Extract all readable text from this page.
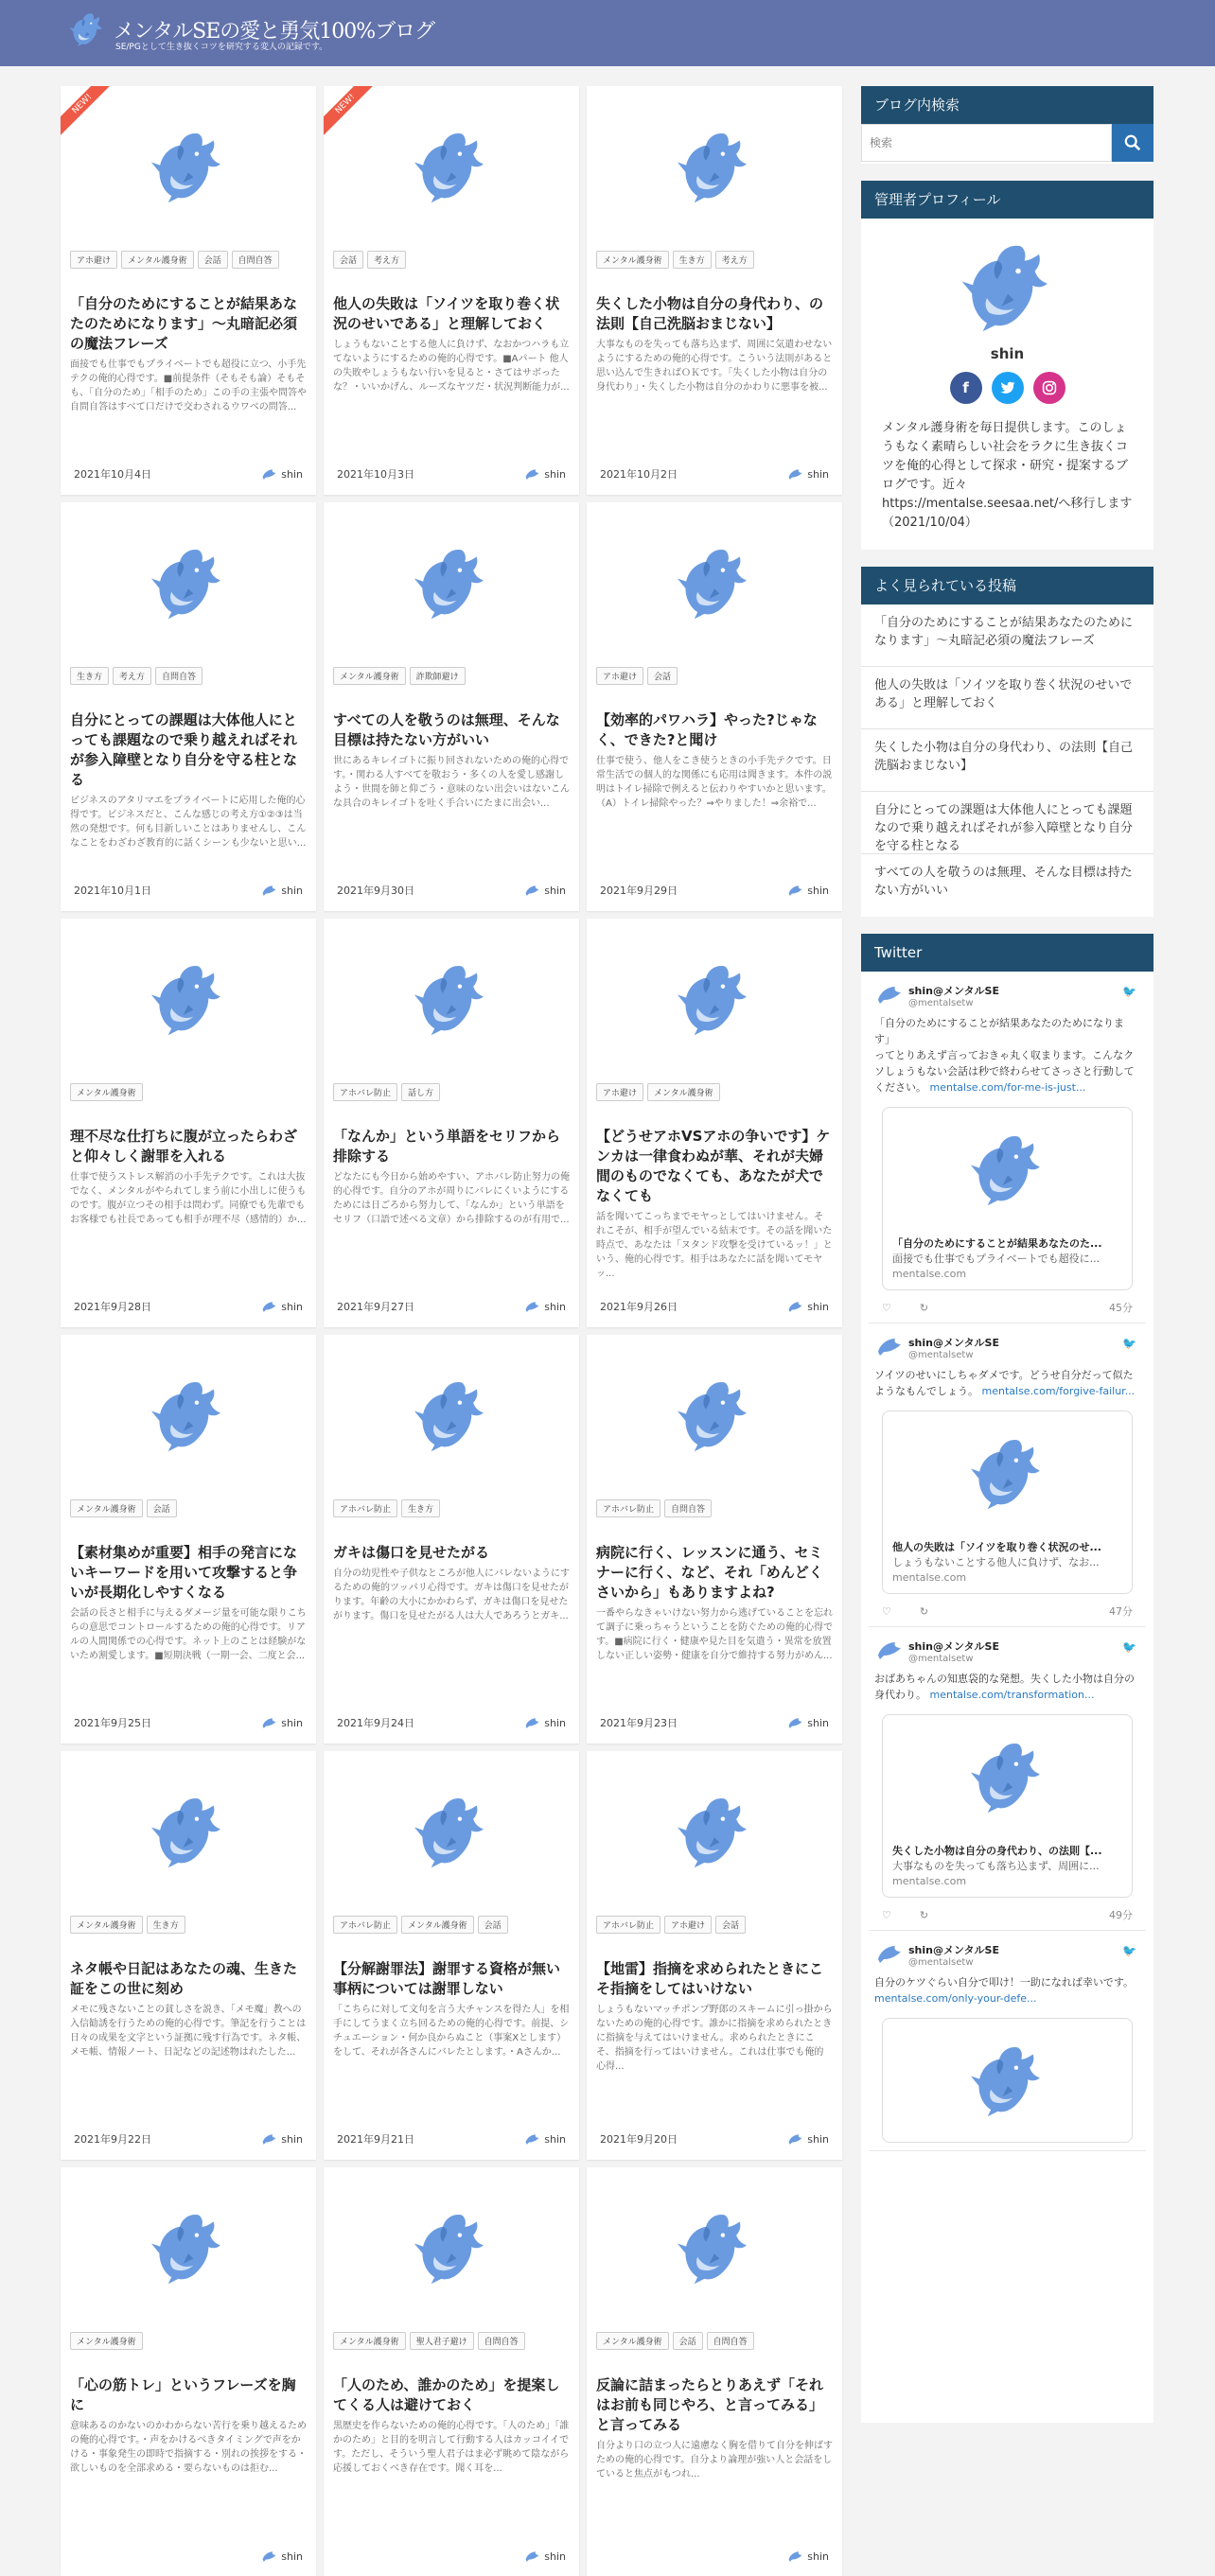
メンタルSEの愛と勇気100%ブログ
SE/PGとして生き抜くコツを研究する変人の記録です。
NEW!
アホ避け	メンタル護身術	会話	自問自答
「自分のためにすることが結果あなたのためになります」～丸暗記必須の魔法フレーズ
面接でも仕事でもプライベートでも超役に立つ、小手先テクの俺的心得です。■前提条件（そもそも論）そもそも、「自分のため」「相手のため」この手の主張や問答や自問自答はすべて口だけで交わされるウワベの問答...
2021年10月4日	shin
NEW!
会話	考え方
他人の失敗は「ソイツを取り巻く状況のせいである」と理解しておく
しょうもないことする他人に負けず、なおかつハラも立てないようにするための俺的心得です。■Aパート 他人の失敗やしょうもない行いを見ると・さてはサボったな？・いいかげん、ルーズなヤツだ・状況判断能力が...
2021年10月3日	shin
メンタル護身術	生き方	考え方
失くした小物は自分の身代わり、の法則【自己洗脳おまじない】
大事なものを失っても落ち込まず、周囲に気遣わせないようにするための俺的心得です。こういう法則があると思い込んで生きればＯＫです。「失くした小物は自分の身代わり」・失くした小物は自分のかわりに悪事を被...
2021年10月2日	shin
生き方	考え方	自問自答
自分にとっての課題は大体他人にとっても課題なので乗り越えればそれが参入障壁となり自分を守る柱となる
ビジネスのアタリマエをプライベートに応用した俺的心得です。ビジネスだと、こんな感じの考え方①②③は当然の発想です。何も目新しいことはありませんし、こんなことをわざわざ教育的に話くシーンも少ないと思い...
2021年10月1日	shin
メンタル護身術	詐欺師避け
すべての人を敬うのは無理、そんな目標は持たない方がいい
世にあるキレイゴトに振り回されないための俺的心得です。・関わる人すべてを敬おう・多くの人を愛し感謝しよう・世間を師と仰ごう・意味のない出会いはないこんな具合のキレイゴトを吐く手合いにたまに出会い...
2021年9月30日	shin
アホ避け	会話
【効率的パワハラ】やった?じゃなく、できた?と聞け
仕事で使う、他人をこき使うときの小手先テクです。日常生活での個人的な関係にも応用は聞きます。本件の説明はトイレ掃除で例えると伝わりやすいかと思います。（A）トイレ掃除やった？⇒やりました！⇒余裕で...
2021年9月29日	shin
メンタル護身術
理不尽な仕打ちに腹が立ったらわざと仰々しく謝罪を入れる
仕事で使うストレス解消の小手先テクです。これは大抜でなく、メンタルがやられてしまう前に小出しに使うものです。腹が立つその相手は問わず。同僚でも先輩でもお客様でも社長であっても相手が理不尽（感情的）か...
2021年9月28日	shin
アホバレ防止	話し方
「なんか」という単語をセリフから排除する
どなたにも今日から始めやすい、アホバレ防止努力の俺的心得です。自分のアホが周りにバレにくいようにするためには日ごろから努力して、「なんか」という単語をセリフ（口語で述べる文章）から排除するのが有用で...
2021年9月27日	shin
アホ避け	メンタル護身術
【どうせアホVSアホの争いです】ケンカは一律食わぬが華、それが夫婦間のものでなくても、あなたが犬でなくても
話を聞いてこっちまでモヤっとしてはいけません。それこそが、相手が望んでいる結末です。その話を聞いた時点で、あなたは「ヌタンド攻撃を受けているッ！」という、俺的心得です。相手はあなたに話を聞いてモヤッ...
2021年9月26日	shin
メンタル護身術	会話
【素材集めが重要】相手の発言にないキーワードを用いて攻撃すると争いが長期化しやすくなる
会話の長さと相手に与えるダメージ量を可能な限りこちらの意思でコントロールするための俺的心得です。リアルの人間関係での心得です。ネット上のことは経験がないため割愛します。■短期決戦（一期一会、二度と会...
2021年9月25日	shin
アホバレ防止	生き方
ガキは傷口を見せたがる
自分の幼児性や子供なところが他人にバレないようにするための俺的ツッパリ心得です。ガキは傷口を見せたがります。年齢の大小にかかわらず、ガキは傷口を見せたがります。傷口を見せたがる人は大人であろうとガキ...
2021年9月24日	shin
アホバレ防止	自問自答
病院に行く、レッスンに通う、セミナーに行く、など、それ「めんどくさいから」もありますよね?
一番やらなきゃいけない努力から逃げていることを忘れて調子に乗っちゃうということを防ぐための俺的心得です。■病院に行く・健康や見た目を気遣う・異常を放置しない正しい姿勢・健康を自分で維持する努力がめん...
2021年9月23日	shin
メンタル護身術	生き方
ネタ帳や日記はあなたの魂、生きた証をこの世に刻め
メモに残さないことの貧しさを説き、「メモ魔」教への入信勧誘を行うための俺的心得です。筆記を行うことは日々の成果を文字という証拠に残す行為です。ネタ帳、メモ帳、情報ノート、日記などの記述物はれたした...
2021年9月22日	shin
アホバレ防止	メンタル護身術	会話
【分解謝罪法】謝罪する資格が無い事柄については謝罪しない
「こちらに対して文句を言う大チャンスを得た人」を相手にしてうまく立ち回るための俺的心得です。前提、シチュエーション・何か良からぬこと（事案Xとします）をして、それが各さんにバレたとします。・Aさんか...
2021年9月21日	shin
アホバレ防止	アホ避け	会話
【地雷】指摘を求められたときにこそ指摘をしてはいけない
しょうもないマッチポンプ野郎のスキームに引っ掛からないための俺的心得です。誰かに指摘を求められたときに指摘を与えてはいけません。求められたときにこそ、指摘を行ってはいけません。これは仕事でも俺的心得...
2021年9月20日	shin
メンタル護身術
「心の筋トレ」というフレーズを胸に
意味あるのかないのかわからない苦行を乗り越えるための俺的心得です。・声をかけるべきタイミングで声をかける・事象発生の即時で指摘する・別れの挨拶をする・欲しいものを全部求める・要らないものは拒む...
shin
メンタル護身術	聖人君子避け	自問自答
「人のため、誰かのため」を提案してくる人は避けておく
黒歴史を作らないための俺的心得です。「人のため」「誰かのため」と目的を明言して行動する人はカッコイイです。ただし、そういう聖人君子はま必ず眺めて陰ながら応援しておくべき存在です。聞く耳を...
shin
メンタル護身術	会話	自問自答
反論に詰まったらとりあえず「それはお前も同じやろ、と言ってみる」と言ってみる
自分より口の立つ人に遠慮なく胸を借りて自分を伸ばすための俺的心得です。自分より論理が強い人と会話をしていると焦点がもつれ...
shin
ブログ内検索
検索
管理者プロフィール
shin
f
メンタル護身術を毎日提供します。このしょうもなく素晴らしい社会をラクに生き抜くコツを俺的心得として探求・研究・提案するブログです。近々https://mentalse.seesaa.net/へ移行します（2021/10/04）
よく見られている投稿
「自分のためにすることが結果あなたのためになります」～丸暗記必須の魔法フレーズ
他人の失敗は「ソイツを取り巻く状況のせいである」と理解しておく
失くした小物は自分の身代わり、の法則【自己洗脳おまじない】
自分にとっての課題は大体他人にとっても課題なので乗り越えればそれが参入障壁となり自分を守る柱となる
すべての人を敬うのは無理、そんな目標は持たない方がいい
Twitter
shin@メンタルSE
@mentalsetw
🐦
「自分のためにすることが結果あなたのためになります」
ってとりあえず言っておきゃ丸く収まります。こんなクソしょうもない会話は秒で終わらせてさっさと行動してください。 mentalse.com/for-me-is-just...
「自分のためにすることが結果あなたのた...
面接でも仕事でもプライベートでも超役に...
mentalse.com
♡	↻	45分
shin@メンタルSE
@mentalsetw
🐦
ソイツのせいにしちゃダメです。どうせ自分だって似たようなもんでしょう。 mentalse.com/forgive-failur...
他人の失敗は「ソイツを取り巻く状況のせ...
しょうもないことする他人に負けず、なお...
mentalse.com
♡	↻	47分
shin@メンタルSE
@mentalsetw
🐦
おばあちゃんの知恵袋的な発想。失くした小物は自分の身代わり。 mentalse.com/transformation...
失くした小物は自分の身代わり、の法則【...
大事なものを失っても落ち込まず、周囲に...
mentalse.com
♡	↻	49分
shin@メンタルSE
@mentalsetw
🐦
自分のケツぐらい自分で叩け！一助になれば幸いです。 mentalse.com/only-your-defe...
